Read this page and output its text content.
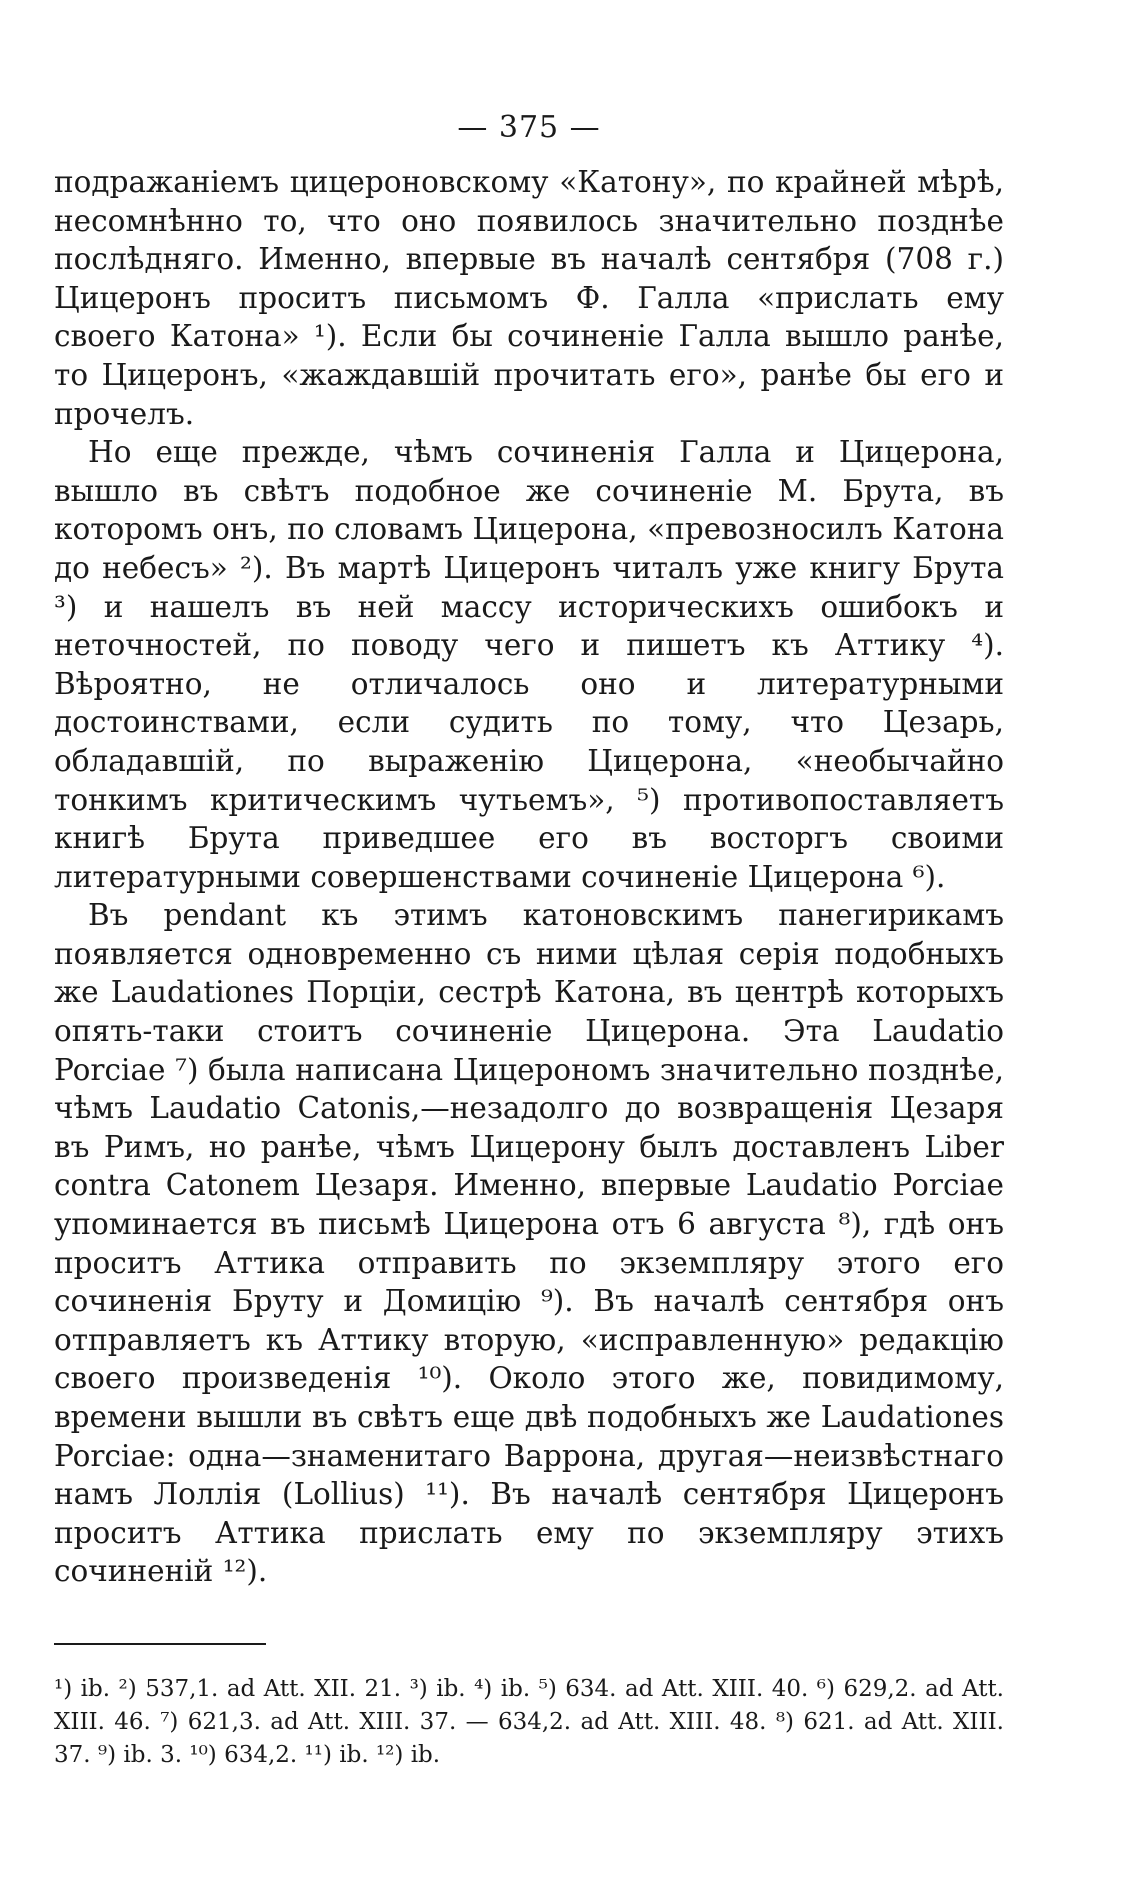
— 375 —

подражаніемъ цицероновскому «Катону», по крайней мѣрѣ, несомнѣнно то, что оно появилось значительно позднѣе послѣдняго. Именно, впервые въ началѣ сентября (708 г.) Цицеронъ проситъ письмомъ Ф. Галла «прислать ему своего Катона» ¹). Если бы сочиненіе Галла вышло ранѣе, то Цицеронъ, «жаждавшій прочитать его», ранѣе бы его и прочелъ.

Но еще прежде, чѣмъ сочиненія Галла и Цицерона, вышло въ свѣтъ подобное же сочиненіе М. Брута, въ которомъ онъ, по словамъ Цицерона, «превозносилъ Катона до небесъ» ²). Въ мартѣ Цицеронъ читалъ уже книгу Брута ³) и нашелъ въ ней массу историческихъ ошибокъ и неточностей, по поводу чего и пишетъ къ Аттику ⁴). Вѣроятно, не отличалось оно и литературными достоинствами, если судить по тому, что Цезарь, обладавшій, по выраженію Цицерона, «необычайно тонкимъ критическимъ чутьемъ», ⁵) противопоставляетъ книгѣ Брута приведшее его въ восторгъ своими литературными совершенствами сочиненіе Цицерона ⁶).

Въ pendant къ этимъ катоновскимъ панегирикамъ появляется одновременно съ ними цѣлая серія подобныхъ же Laudationes Порціи, сестрѣ Катона, въ центрѣ которыхъ опять-таки стоитъ сочиненіе Цицерона. Эта Laudatio Porciae ⁷) была написана Цицерономъ значительно позднѣе, чѣмъ Laudatio Catonis,—незадолго до возвращенія Цезаря въ Римъ, но ранѣе, чѣмъ Цицерону былъ доставленъ Liber contra Catonem Цезаря. Именно, впервые Laudatio Porciae упоминается въ письмѣ Цицерона отъ 6 августа ⁸), гдѣ онъ проситъ Аттика отправить по экземпляру этого его сочиненія Бруту и Домицію ⁹). Въ началѣ сентября онъ отправляетъ къ Аттику вторую, «исправленную» редакцію своего произведенія ¹⁰). Около этого же, повидимому, времени вышли въ свѣтъ еще двѣ подобныхъ же Laudationes Porciae: одна—знаменитаго Варрона, другая—неизвѣстнаго намъ Лоллія (Lollius) ¹¹). Въ началѣ сентября Цицеронъ проситъ Аттика прислать ему по экземпляру этихъ сочиненій ¹²).

¹) ib. ²) 537,1. ad Att. XII. 21. ³) ib. ⁴) ib. ⁵) 634. ad Att. XIII. 40. ⁶) 629,2. ad Att. XIII. 46. ⁷) 621,3. ad Att. XIII. 37. — 634,2. ad Att. XIII. 48. ⁸) 621. ad Att. XIII. 37. ⁹) ib. 3. ¹⁰) 634,2. ¹¹) ib. ¹²) ib.
